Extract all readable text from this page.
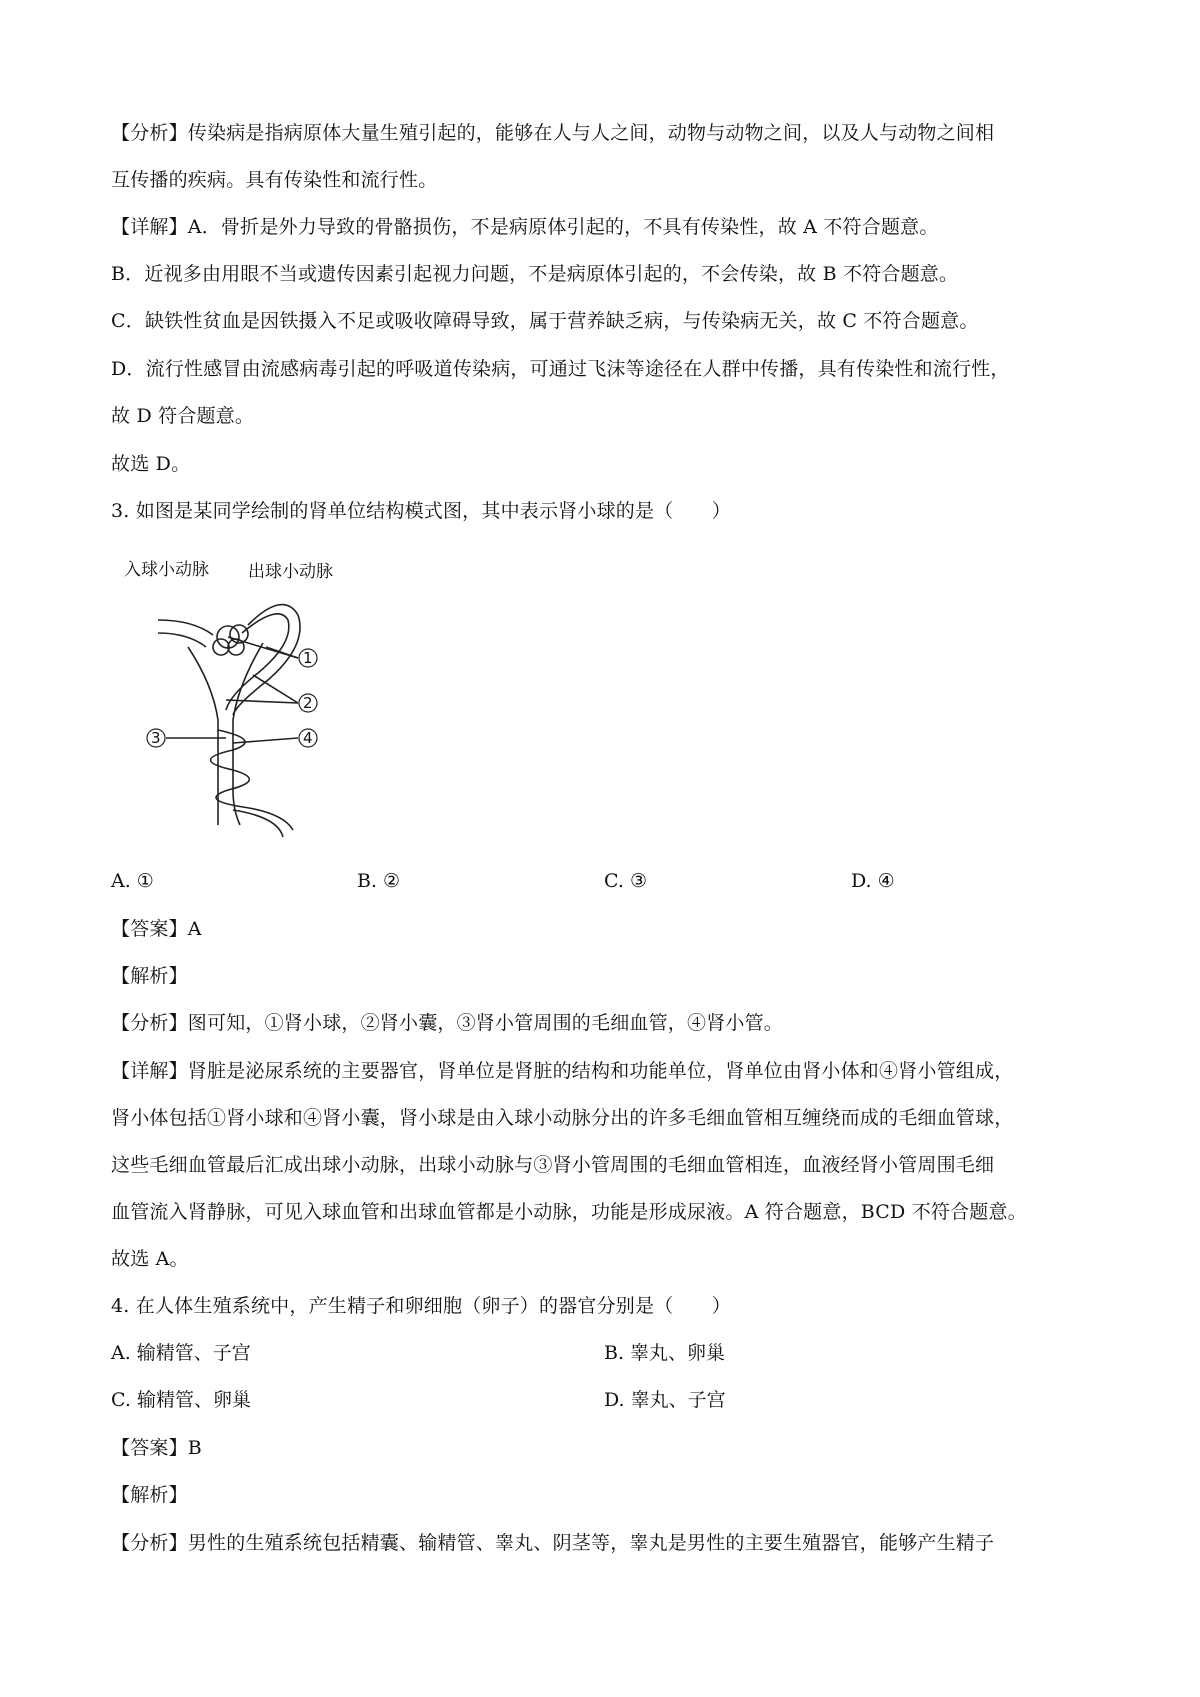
【分析】传染病是指病原体大量生殖引起的，能够在人与人之间，动物与动物之间，以及人与动物之间相
互传播的疾病。具有传染性和流行性。
【详解】A．骨折是外力导致的骨骼损伤，不是病原体引起的，不具有传染性，故 A 不符合题意。
B．近视多由用眼不当或遗传因素引起视力问题，不是病原体引起的，不会传染，故 B 不符合题意。
C．缺铁性贫血是因铁摄入不足或吸收障碍导致，属于营养缺乏病，与传染病无关，故 C 不符合题意。
D．流行性感冒由流感病毒引起的呼吸道传染病，可通过飞沫等途径在人群中传播，具有传染性和流行性，
故 D 符合题意。
故选 D。
3. 如图是某同学绘制的肾单位结构模式图，其中表示肾小球的是（　　）
入球小动脉 出球小动脉
1
2
3	4
A. ①	B. ②	C. ③	D. ④
【答案】A
【解析】
【分析】图可知，①肾小球，②肾小囊，③肾小管周围的毛细血管，④肾小管。
【详解】肾脏是泌尿系统的主要器官，肾单位是肾脏的结构和功能单位，肾单位由肾小体和④肾小管组成，
肾小体包括①肾小球和④肾小囊，肾小球是由入球小动脉分出的许多毛细血管相互缠绕而成的毛细血管球，
这些毛细血管最后汇成出球小动脉，出球小动脉与③肾小管周围的毛细血管相连，血液经肾小管周围毛细
血管流入肾静脉，可见入球血管和出球血管都是小动脉，功能是形成尿液。A 符合题意，BCD 不符合题意。
故选 A。
4. 在人体生殖系统中，产生精子和卵细胞（卵子）的器官分别是（　　）
A. 输精管、子宫	B. 睾丸、卵巢
C. 输精管、卵巢	D. 睾丸、子宫
【答案】B
【解析】
【分析】男性的生殖系统包括精囊、输精管、睾丸、阴茎等，睾丸是男性的主要生殖器官，能够产生精子
